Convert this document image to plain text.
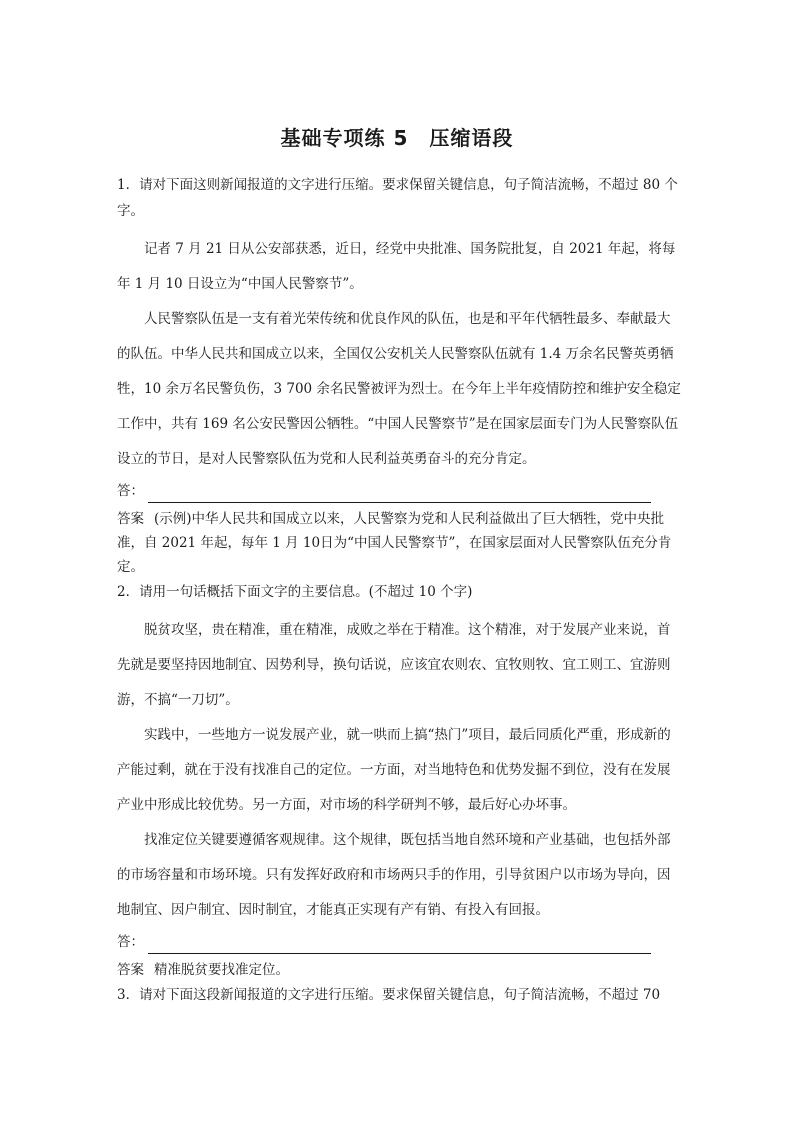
基础专项练 5　压缩语段

1．请对下面这则新闻报道的文字进行压缩。要求保留关键信息，句子简洁流畅，不超过 80 个字。

记者 7 月 21 日从公安部获悉，近日，经党中央批准、国务院批复，自 2021 年起，将每年 1 月 10 日设立为“中国人民警察节”。

人民警察队伍是一支有着光荣传统和优良作风的队伍，也是和平年代牺牲最多、奉献最大的队伍。中华人民共和国成立以来，全国仅公安机关人民警察队伍就有 1.4 万余名民警英勇牺牲，10 余万名民警负伤，3 700 余名民警被评为烈士。在今年上半年疫情防控和维护安全稳定工作中，共有 169 名公安民警因公牺牲。“中国人民警察节”是在国家层面专门为人民警察队伍设立的节日，是对人民警察队伍为党和人民利益英勇奋斗的充分肯定。

答：

答案 (示例)中华人民共和国成立以来，人民警察为党和人民利益做出了巨大牺牲，党中央批准，自 2021 年起，每年 1 月 10日为“中国人民警察节”，在国家层面对人民警察队伍充分肯定。

2．请用一句话概括下面文字的主要信息。(不超过 10 个字)

脱贫攻坚，贵在精准，重在精准，成败之举在于精准。这个精准，对于发展产业来说，首先就是要坚持因地制宜、因势利导，换句话说，应该宜农则农、宜牧则牧、宜工则工、宜游则游，不搞“一刀切”。

实践中，一些地方一说发展产业，就一哄而上搞“热门”项目，最后同质化严重，形成新的产能过剩，就在于没有找准自己的定位。一方面，对当地特色和优势发掘不到位，没有在发展产业中形成比较优势。另一方面，对市场的科学研判不够，最后好心办坏事。

找准定位关键要遵循客观规律。这个规律，既包括当地自然环境和产业基础，也包括外部的市场容量和市场环境。只有发挥好政府和市场两只手的作用，引导贫困户以市场为导向，因地制宜、因户制宜、因时制宜，才能真正实现有产有销、有投入有回报。

答：

答案 精准脱贫要找准定位。

3．请对下面这段新闻报道的文字进行压缩。要求保留关键信息，句子简洁流畅，不超过 70
